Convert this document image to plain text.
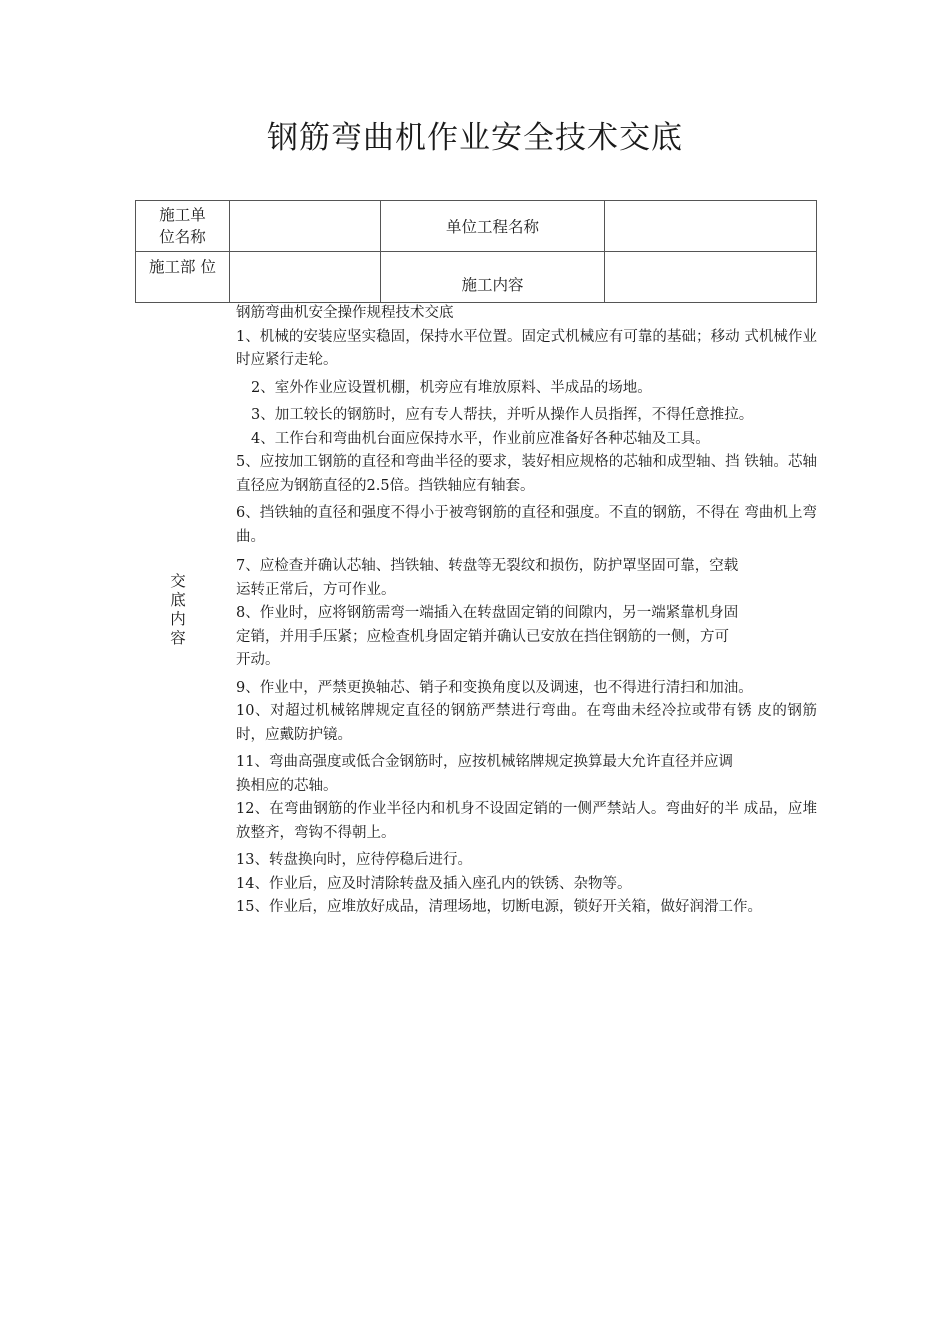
钢筋弯曲机作业安全技术交底
施工单
位名称		单位工程名称	
施工部 位		施工内容	
交
底
内
容

钢筋弯曲机安全操作规程技术交底

1、机械的安装应坚实稳固，保持水平位置。固定式机械应有可靠的基础；移动 式机械作业时应紧行走轮。

2、室外作业应设置机棚，机旁应有堆放原料、半成品的场地。

3、加工较长的钢筋时，应有专人帮扶，并听从操作人员指挥，不得任意推拉。

4、工作台和弯曲机台面应保持水平，作业前应准备好各种芯轴及工具。

5、应按加工钢筋的直径和弯曲半径的要求，装好相应规格的芯轴和成型轴、挡 铁轴。芯轴直径应为钢筋直径的2.5倍。挡铁轴应有轴套。

6、挡铁轴的直径和强度不得小于被弯钢筋的直径和强度。不直的钢筋，不得在 弯曲机上弯曲。

7、应检查并确认芯轴、挡铁轴、转盘等无裂纹和损伤，防护罩坚固可靠，空载

运转正常后，方可作业。

8、作业时，应将钢筋需弯一端插入在转盘固定销的间隙内，另一端紧靠机身固

定销，并用手压紧；应检查机身固定销并确认已安放在挡住钢筋的一侧，方可

开动。

9、作业中，严禁更换轴芯、销子和变换角度以及调速，也不得进行清扫和加油。

10、对超过机械铭牌规定直径的钢筋严禁进行弯曲。在弯曲未经冷拉或带有锈 皮的钢筋时，应戴防护镜。

11、弯曲高强度或低合金钢筋时，应按机械铭牌规定换算最大允许直径并应调

换相应的芯轴。

12、在弯曲钢筋的作业半径内和机身不设固定销的一侧严禁站人。弯曲好的半 成品，应堆放整齐，弯钩不得朝上。

13、转盘换向时，应待停稳后进行。

14、作业后，应及时清除转盘及插入座孔内的铁锈、杂物等。

15、作业后，应堆放好成品，清理场地，切断电源，锁好开关箱，做好润滑工作。
